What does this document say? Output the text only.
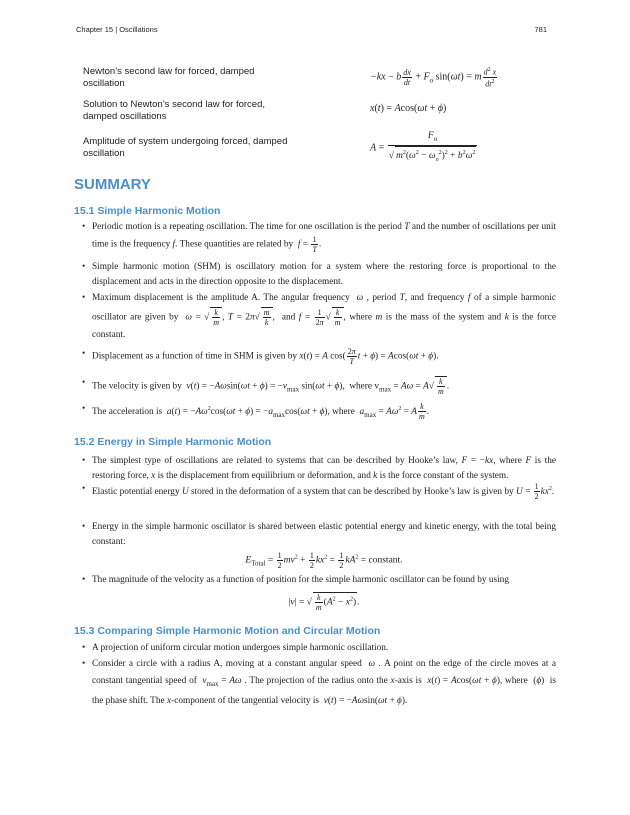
Chapter 15 | Oscillations	781
Newton’s second law for forced, damped oscillation
−kx − b $\frac{dx}{dt} + F_o$ sin(ωt) = m $\frac{d^2 x}{dt^2}$
Solution to Newton’s second law for forced, damped oscillations
x(t) = Acos(ωt + ϕ)
Amplitude of system undergoing forced, damped oscillation
$A = \frac{F_o}{√ m^2(\omega^2 - \omega_o^2)^2 + b^2\omega^2}$
SUMMARY
15.1 Simple Harmonic Motion
• Periodic motion is a repeating oscillation. The time for one oscillation is the period T and the number of oscillations per unit time is the frequency f. These quantities are related by  $f = \frac{1}{T}$ .
• Simple harmonic motion (SHM) is oscillatory motion for a system where the restoring force is proportional to the displacement and acts in the direction opposite to the displacement.
• Maximum displacement is the amplitude A. The angular frequency  ω , period T, and frequency f of a simple harmonic oscillator are given by  ω = √ $\frac{k}{m}$ , $T = 2\pi√ \frac{m}{k}$ ,  and $f = \frac{1}{2\pi}$ √ $\frac{k}{m}$ , where m is the mass of the system and k is the force constant.
• Displacement as a function of time in SHM is given by x(t) = A $\cos( \frac{2\pi}{T}$ t + ϕ) = Acos(ωt + ϕ).
• The velocity is given by  $v(t) = -A\omega\sin(\omega t + \phi) = -v_{max}$ sin(ωt + ϕ),  where $v_{max} = A\omega = A√ \frac{k}{m}$ .
• The acceleration is  $a(t) = -A\omega^2\cos(\omega t + \phi) = -a_{max}\cos(\omega t + \phi)$, where  $a_{max} = A\omega^2 = A \frac{k}{m}$ .
15.2 Energy in Simple Harmonic Motion
• The simplest type of oscillations are related to systems that can be described by Hooke’s law, F = −kx, where F is the restoring force, x is the displacement from equilibrium or deformation, and k is the force constant of the system.
• Elastic potential energy U stored in the deformation of a system that can be described by Hooke’s law is given by $U = \frac{1}{2} kx^2$.
• Energy in the simple harmonic oscillator is shared between elastic potential energy and kinetic energy, with the total being constant:
$E_{Total} = \frac{1}{2} mv^2 + \frac{1}{2} kx^2 = \frac{1}{2} kA^2$ = constant.
• The magnitude of the velocity as a function of position for the simple harmonic oscillator can be found by using
|v| = √ $\frac{k}{m} (A^2 - x^2)$.
15.3 Comparing Simple Harmonic Motion and Circular Motion
• A projection of uniform circular motion undergoes simple harmonic oscillation.
• Consider a circle with a radius A, moving at a constant angular speed  ω . A point on the edge of the circle moves at a constant tangential speed of  $v_{max} = A\omega$ . The projection of the radius onto the x-axis is  x(t) = Acos(ωt + ϕ), where  (ϕ)  is the phase shift. The x-component of the tangential velocity is  v(t) = −Aωsin(ωt + ϕ).
